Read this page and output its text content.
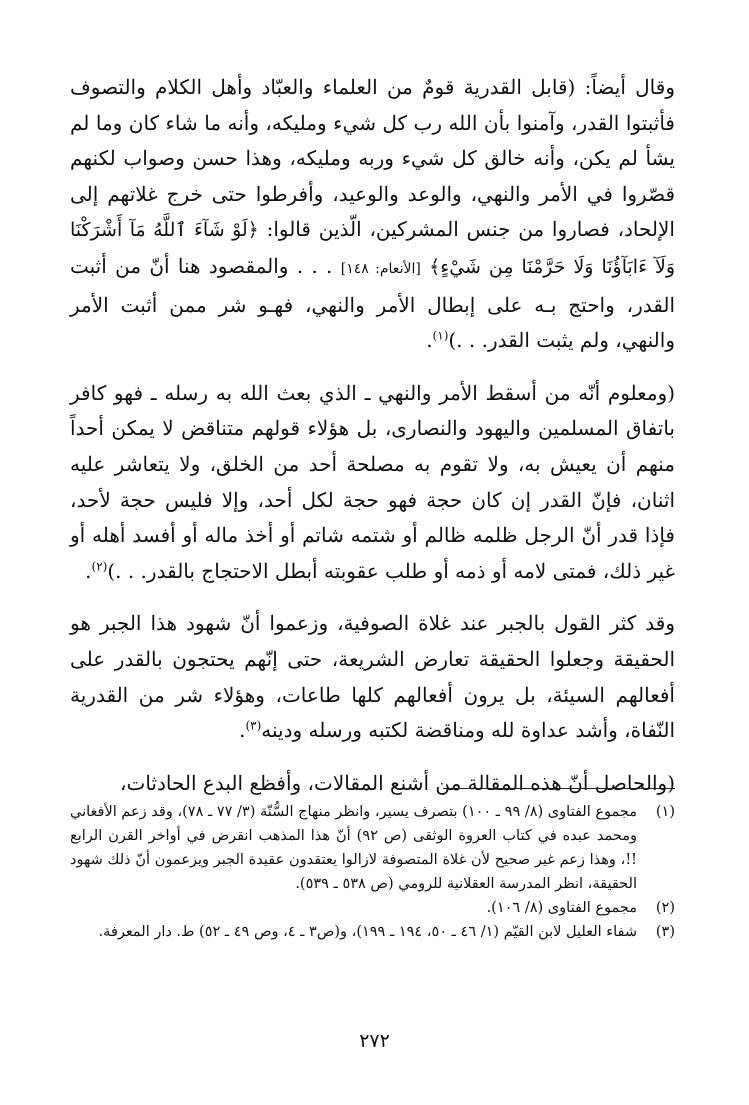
وقال أيضاً: (قابل القدرية قومٌ من العلماء والعبّاد وأهل الكلام والتصوف فأثبتوا القدر، وآمنوا بأن الله رب كل شيء ومليكه، وأنه ما شاء كان وما لم يشأ لم يكن، وأنه خالق كل شيء وربه ومليكه، وهذا حسن وصواب لكنهم قصّروا في الأمر والنهي، والوعد والوعيد، وأفرطوا حتى خرج غلاتهم إلى الإلحاد، فصاروا من جنس المشركين، الّذين قالوا: ﴿لَوْ شَآءَ ٱللَّهُ مَآ أَشْرَكْنَا وَلَآ ءَابَآؤُنَا وَلَا حَرَّمْنَا مِن شَيْءٍ﴾ [الأنعام: ١٤٨] . . . والمقصود هنا أنّ من أثبت القدر، واحتج بـه على إبطال الأمر والنهي، فهـو شر ممن أثبت الأمر والنهي، ولم يثبت القدر. . .)$^{(١)}$.

(ومعلوم أنّه من أسقط الأمر والنهي ـ الذي بعث الله به رسله ـ فهو كافر باتفاق المسلمين واليهود والنصارى، بل هؤلاء قولهم متناقض لا يمكن أحداً منهم أن يعيش به، ولا تقوم به مصلحة أحد من الخلق، ولا يتعاشر عليه اثنان، فإنّ القدر إن كان حجة فهو حجة لكل أحد، وإلا فليس حجة لأحد، فإذا قدر أنّ الرجل ظلمه ظالم أو شتمه شاتم أو أخذ ماله أو أفسد أهله أو غير ذلك، فمتى لامه أو ذمه أو طلب عقوبته أبطل الاحتجاج بالقدر. . .)$^{(٢)}$.

وقد كثر القول بالجبر عند غلاة الصوفية، وزعموا أنّ شهود هذا الجبر هو الحقيقة وجعلوا الحقيقة تعارض الشريعة، حتى إنّهم يحتجون بالقدر على أفعالهم السيئة، بل يرون أفعالهم كلها طاعات، وهؤلاء شر من القدرية النّفاة، وأشد عداوة لله ومناقضة لكتبه ورسله ودينه$^{(٣)}$.

(والحاصل أنّ هذه المقالة من أشنع المقالات، وأفظع البدع الحادثات،

(١)
مجموع الفتاوى (٨/ ٩٩ ـ ١٠٠) بتصرف يسير، وانظر منهاج السُّنّة (٣/ ٧٧ ـ ٧٨)، وقد زعم الأفغاني ومحمد عبده في كتاب العروة الوثقى (ص ٩٢) أنّ هذا المذهب انقرض في أواخر القرن الرابع !!، وهذا زعم غير صحيح لأن غلاة المتصوفة لازالوا يعتقدون عقيدة الجبر ويزعمون أنّ ذلك شهود الحقيقة، انظر المدرسة العقلانية للرومي (ص ٥٣٨ ـ ٥٣٩).
(٢)
مجموع الفتاوى (٨/ ١٠٦).
(٣)
شفاء العليل لابن القيّم (١/ ٤٦ ـ ٥٠، ١٩٤ ـ ١٩٩)، و(ص٣ ـ ٤، وص ٤٩ ـ ٥٢) ط. دار المعرفة.
٢٧٢
